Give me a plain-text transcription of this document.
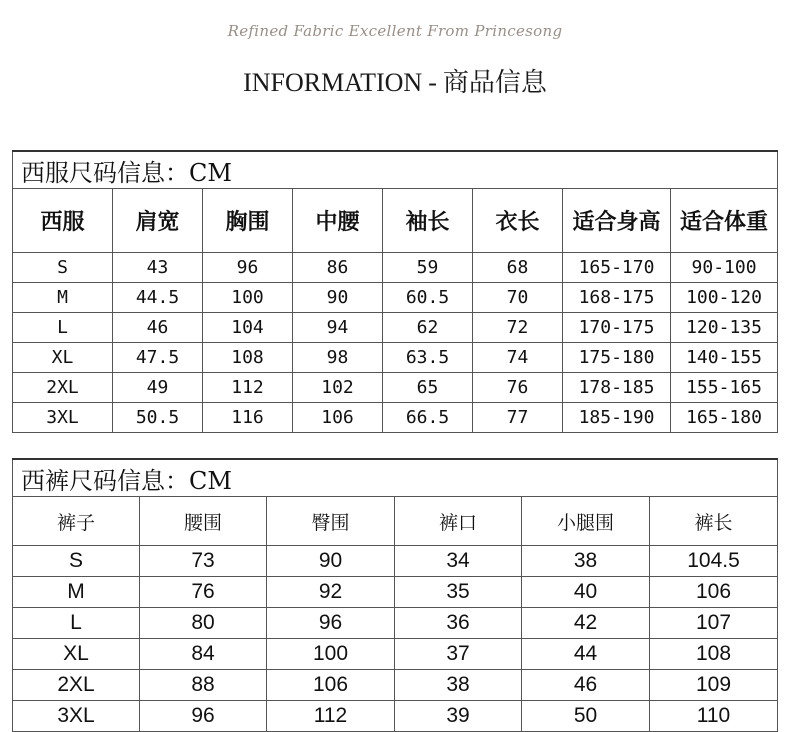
Refined Fabric Excellent From Princesong
INFORMATION - 商品信息
西服尺码信息：CM							
西服	肩宽	胸围	中腰	袖长	衣长	适合身高	适合体重
S	43	96	86	59	68	165-170	90-100
M	44.5	100	90	60.5	70	168-175	100-120
L	46	104	94	62	72	170-175	120-135
XL	47.5	108	98	63.5	74	175-180	140-155
2XL	49	112	102	65	76	178-185	155-165
3XL	50.5	116	106	66.5	77	185-190	165-180
西裤尺码信息：CM					
裤子	腰围	臀围	裤口	小腿围	裤长
S	73	90	34	38	104.5
M	76	92	35	40	106
L	80	96	36	42	107
XL	84	100	37	44	108
2XL	88	106	38	46	109
3XL	96	112	39	50	110
